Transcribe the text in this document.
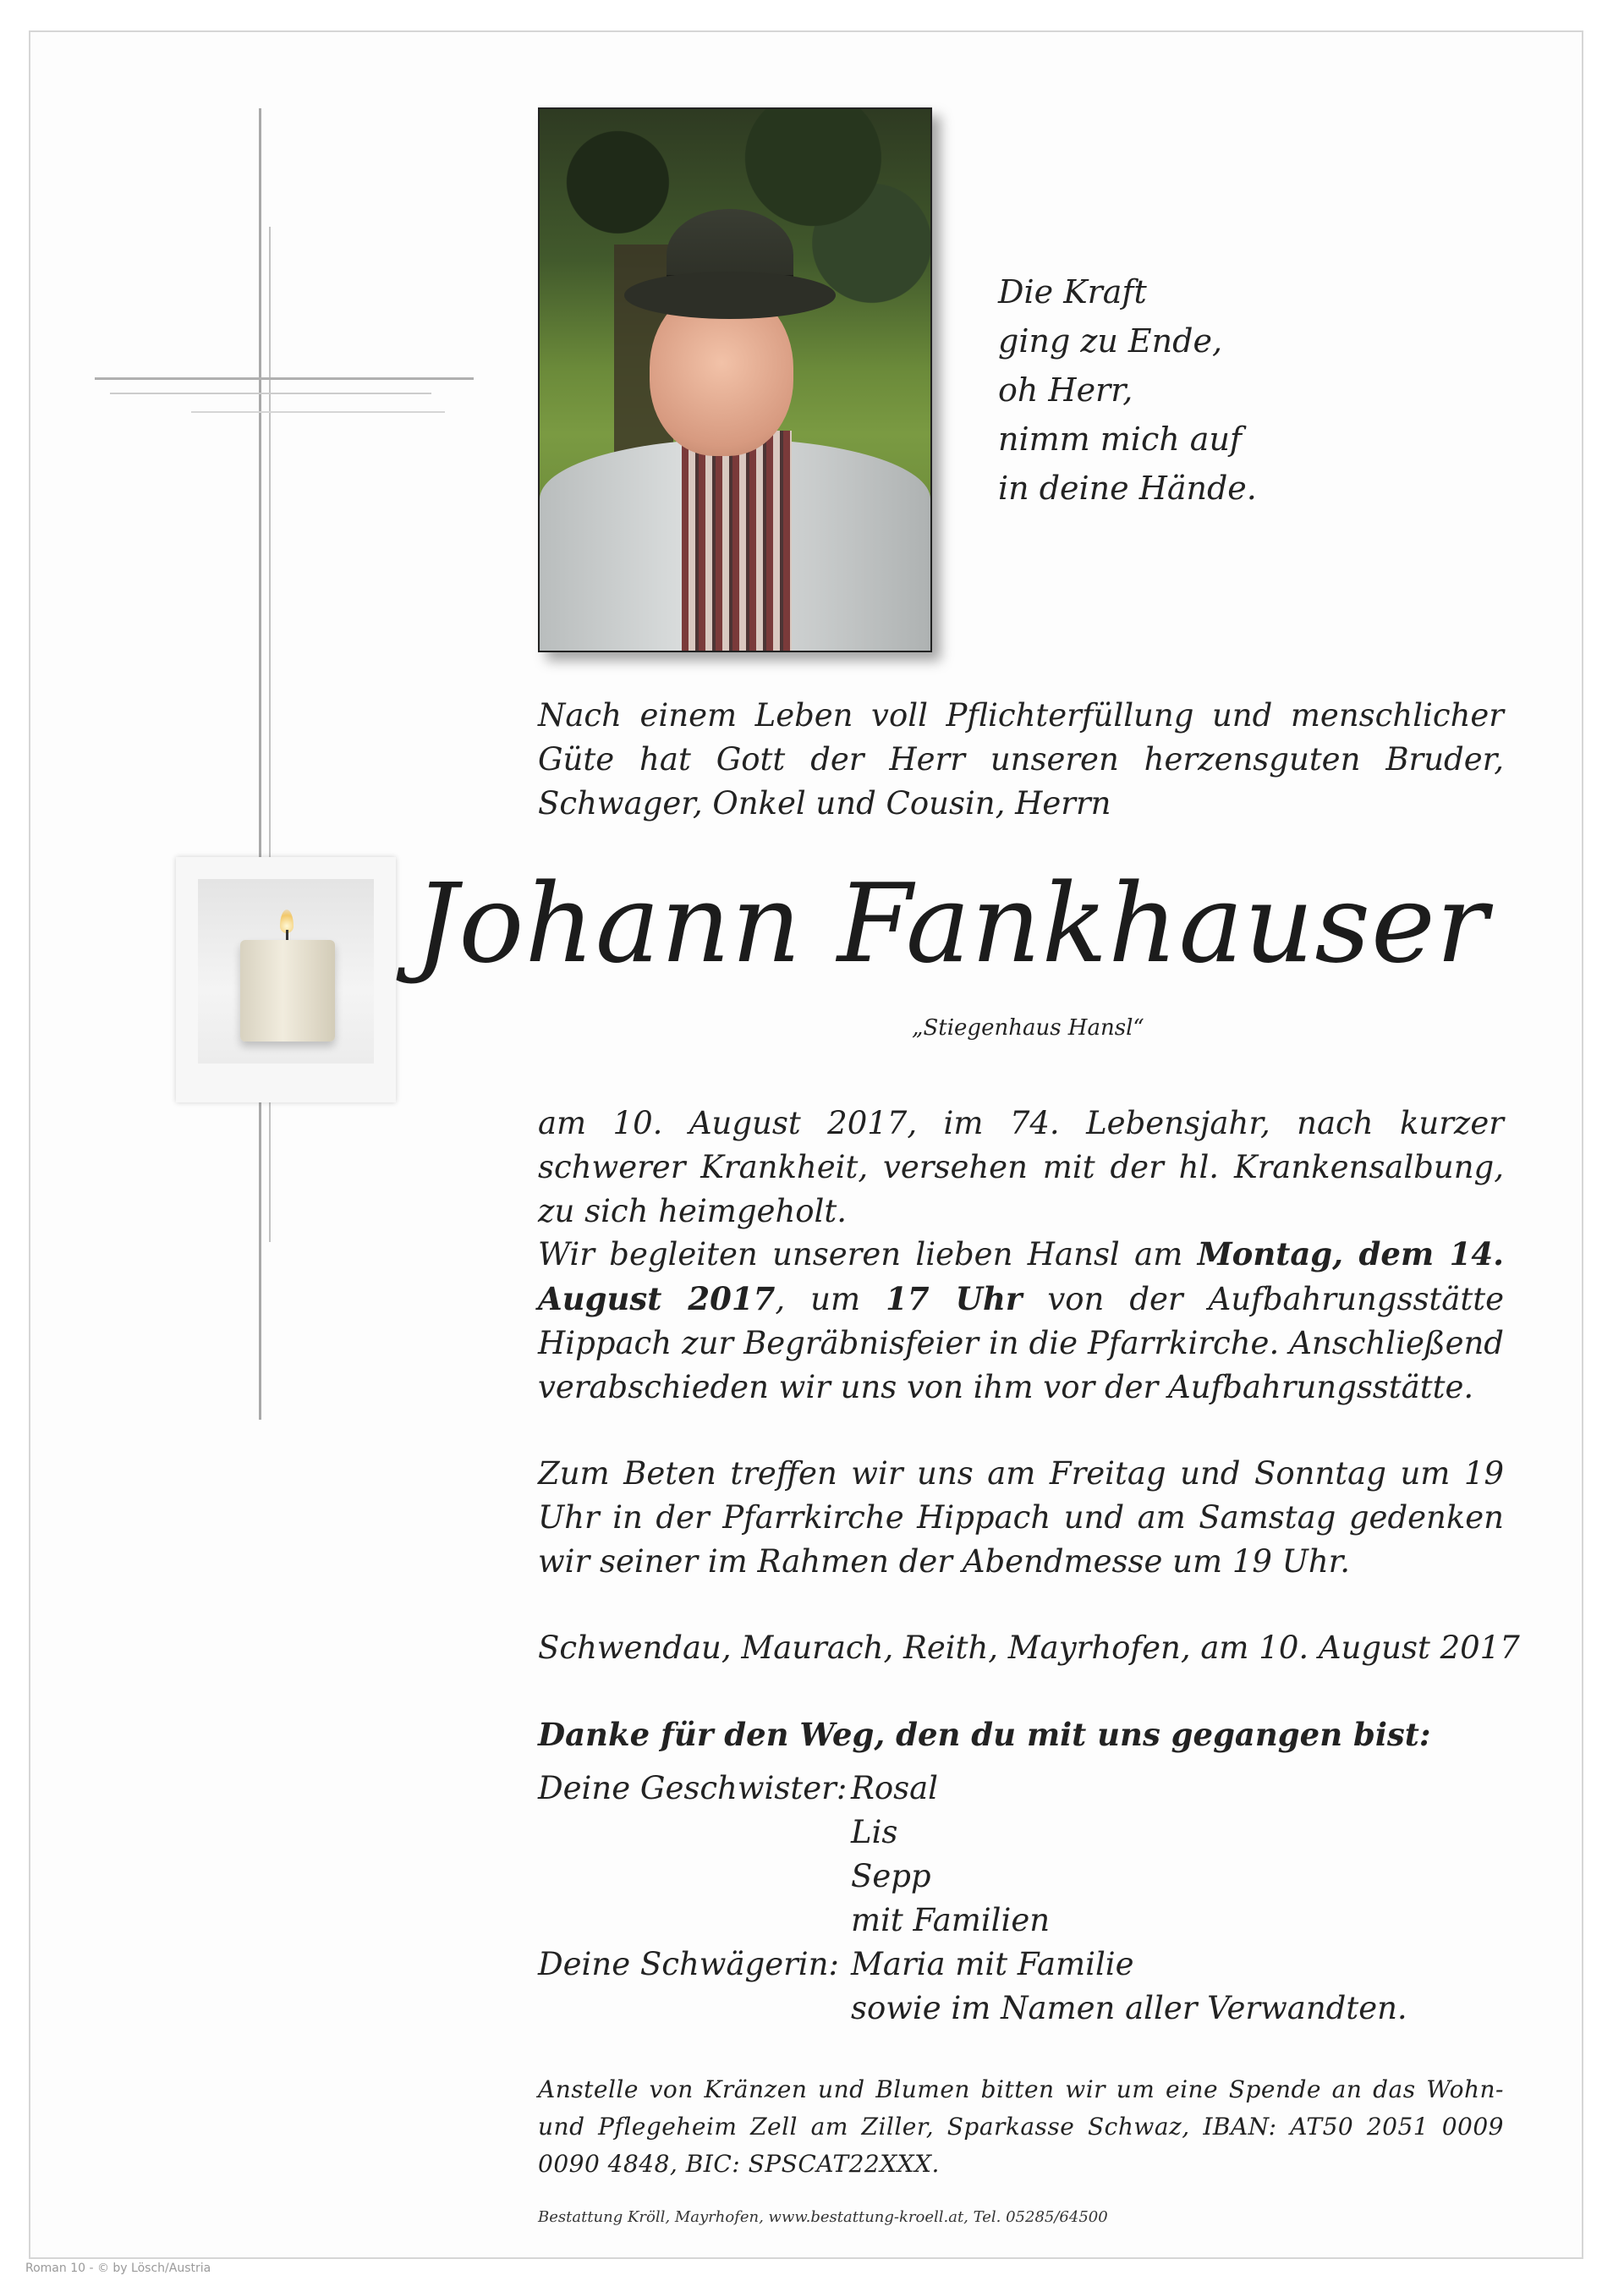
Die Kraft
ging zu Ende,
oh Herr,
nimm mich auf
in deine Hände.
Nach einem Leben voll Pflichterfüllung und menschlicher Güte hat Gott der Herr unseren herzensguten Bruder, Schwager, Onkel und Cousin, Herrn
Johann Fankhauser
„Stiegenhaus Hansl“
am 10. August 2017, im 74. Lebensjahr, nach kurzer schwerer Krankheit, versehen mit der hl. Krankensalbung, zu sich heimgeholt.
Wir begleiten unseren lieben Hansl am Montag, dem 14. August 2017, um 17 Uhr von der Aufbahrungsstätte Hippach zur Begräbnisfeier in die Pfarrkirche. Anschließend verabschieden wir uns von ihm vor der Aufbahrungsstätte.
Zum Beten treffen wir uns am Freitag und Sonntag um 19 Uhr in der Pfarrkirche Hippach und am Samstag gedenken wir seiner im Rahmen der Abendmesse um 19 Uhr.
Schwendau, Maurach, Reith, Mayrhofen, am 10. August 2017
Danke für den Weg, den du mit uns gegangen bist:
Deine Geschwister: Rosal
Lis
Sepp
mit Familien
Deine Schwägerin: Maria mit Familie
sowie im Namen aller Verwandten.
Anstelle von Kränzen und Blumen bitten wir um eine Spende an das Wohn- und Pflegeheim Zell am Ziller, Sparkasse Schwaz, IBAN: AT50 2051 0009 0090 4848, BIC: SPSCAT22XXX.
Bestattung Kröll, Mayrhofen, www.bestattung-kroell.at, Tel. 05285/64500
Roman 10 - © by Lösch/Austria
